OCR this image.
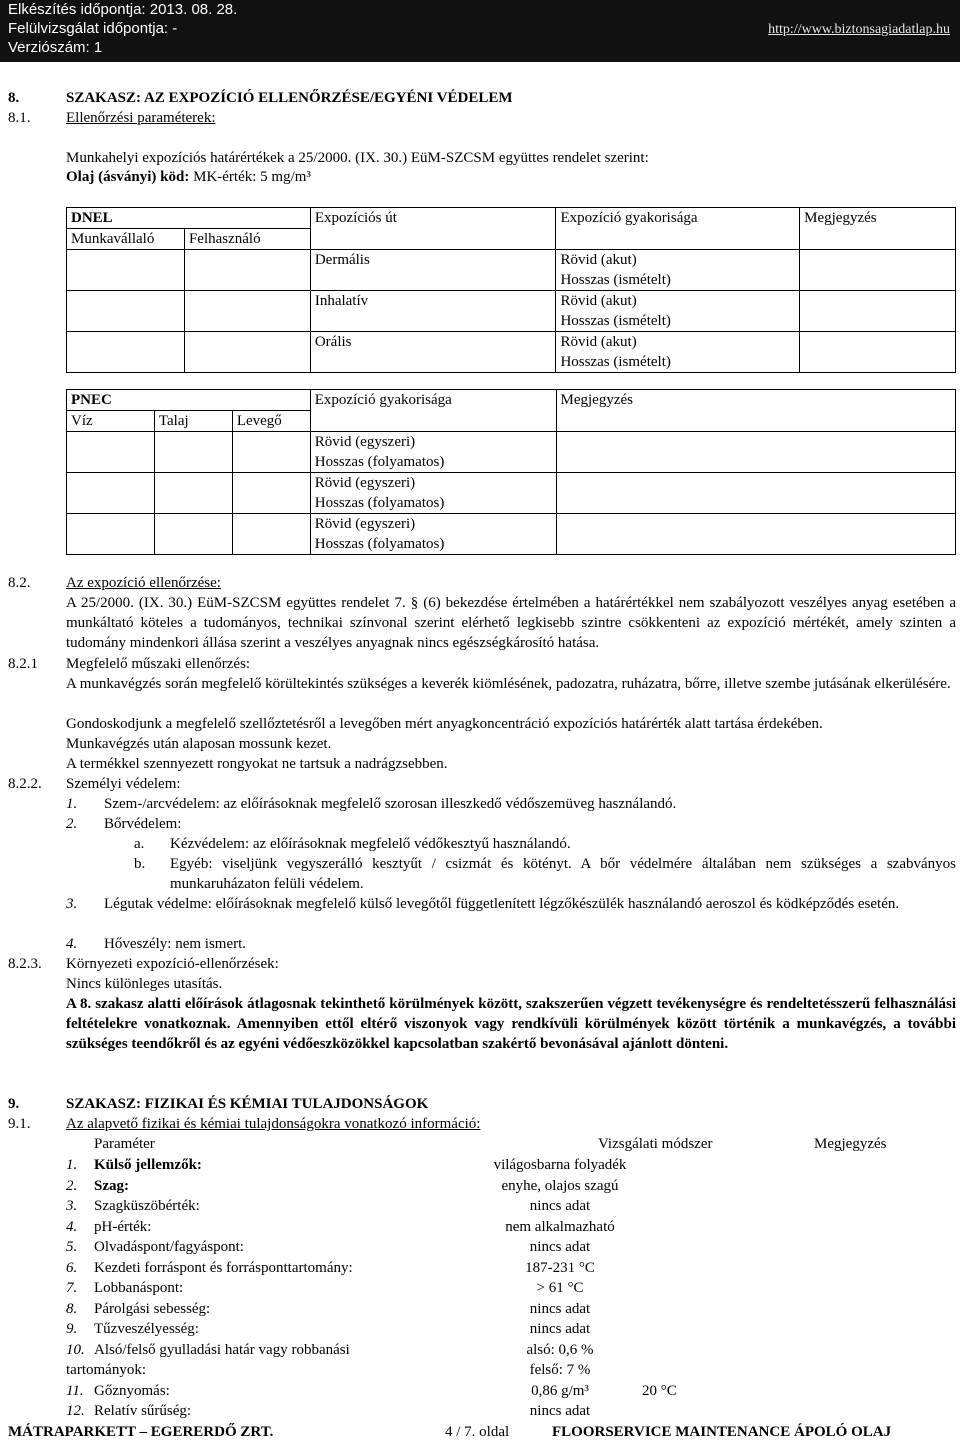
Elkészítés időpontja: 2013. 08. 28.
Felülvizsgálat időpontja: -
Verziószám: 1
http://www.biztonsagiadatlap.hu
8.	SZAKASZ: AZ EXPOZÍCIÓ ELLENŐRZÉSE/EGYÉNI VÉDELEM
8.1. Ellenőrzési paraméterek:
Munkahelyi expozíciós határértékek a 25/2000. (IX. 30.) EüM-SZCSM együttes rendelet szerint:
Olaj (ásványi) köd: MK-érték: 5 mg/m³
DNEL		Expozíciós út	Expozíció gyakorisága	Megjegyzés
Munkavállaló	Felhasználó			
		Dermális	Rövid (akut)
Hosszas (ismételt)	

		Inhalatív	Rövid (akut)
Hosszas (ismételt)	

		Orális	Rövid (akut)
Hosszas (ismételt)	

PNEC			Expozíció gyakorisága	Megjegyzés
Víz	Talaj	Levegő		

			Rövid (egyszeri)
Hosszas (folyamatos)	

			Rövid (egyszeri)
Hosszas (folyamatos)	

			Rövid (egyszeri)
Hosszas (folyamatos)	

8.2. Az expozíció ellenőrzése:
A 25/2000. (IX. 30.) EüM-SZCSM együttes rendelet 7. § (6) bekezdése értelmében a határértékkel nem szabályozott veszélyes anyag esetében a munkáltató köteles a tudományos, technikai színvonal szerint elérhető legkisebb szintre csökkenteni az expozíció mértékét, amely szinten a tudomány mindenkori állása szerint a veszélyes anyagnak nincs egészségkárosító hatása.
8.2.1 Megfelelő műszaki ellenőrzés:
A munkavégzés során megfelelő körültekintés szükséges a keverék kiömlésének, padozatra, ruházatra, bőrre, illetve szembe jutásának elkerülésére.
Gondoskodjunk a megfelelő szellőztetésről a levegőben mért anyagkoncentráció expozíciós határérték alatt tartása érdekében.
Munkavégzés után alaposan mossunk kezet.
A termékkel szennyezett rongyokat ne tartsuk a nadrágzsebben.
8.2.2. Személyi védelem:
1. Szem-/arcvédelem: az előírásoknak megfelelő szorosan illeszkedő védőszemüveg használandó.
2. Bőrvédelem:
a. Kézvédelem: az előírásoknak megfelelő védőkesztyű használandó.
b. Egyéb: viseljünk vegyszerálló kesztyűt / csizmát és kötényt. A bőr védelmére általában nem szükséges a szabványos munkaruházaton felüli védelem.
3. Légutak védelme: előírásoknak megfelelő külső levegőtől függetlenített légzőkészülék használandó aeroszol és ködképződés esetén.
4. Hőveszély: nem ismert.
8.2.3. Környezeti expozíció-ellenőrzések:
Nincs különleges utasítás.
A 8. szakasz alatti előírások átlagosnak tekinthető körülmények között, szakszerűen végzett tevékenységre és rendeltetésszerű felhasználási feltételekre vonatkoznak. Amennyiben ettől eltérő viszonyok vagy rendkívüli körülmények között történik a munkavégzés, a további szükséges teendőkről és az egyéni védőeszközökkel kapcsolatban szakértő bevonásával ajánlott dönteni.
9.	SZAKASZ: FIZIKAI ÉS KÉMIAI TULAJDONSÁGOK
9.1. Az alapvető fizikai és kémiai tulajdonságokra vonatkozó információ:
Paraméter	Vizsgálati módszer	Megjegyzés
1. Külső jellemzők:	világosbarna folyadék
2. Szag:	enyhe, olajos szagú
3. Szagküszöbérték:	nincs adat
4. pH-érték:	nem alkalmazható
5. Olvadáspont/fagyáspont:	nincs adat
6. Kezdeti forráspont és forrásponttartomány:	187-231 °C
7. Lobbanáspont:	> 61 °C
8. Párolgási sebesség:	nincs adat
9. Tűzveszélyesség:	nincs adat
10. Alsó/felső gyulladási határ vagy robbanási	alsó: 0,6 %
tartományok:	felső: 7 %
11. Gőznyomás:	0,86 g/m³	20 °C
12. Relatív sűrűség:	nincs adat
MÁTRAPARKETT – EGERERDŐ ZRT.	4 / 7. oldal	FLOORSERVICE MAINTENANCE ÁPOLÓ OLAJ
